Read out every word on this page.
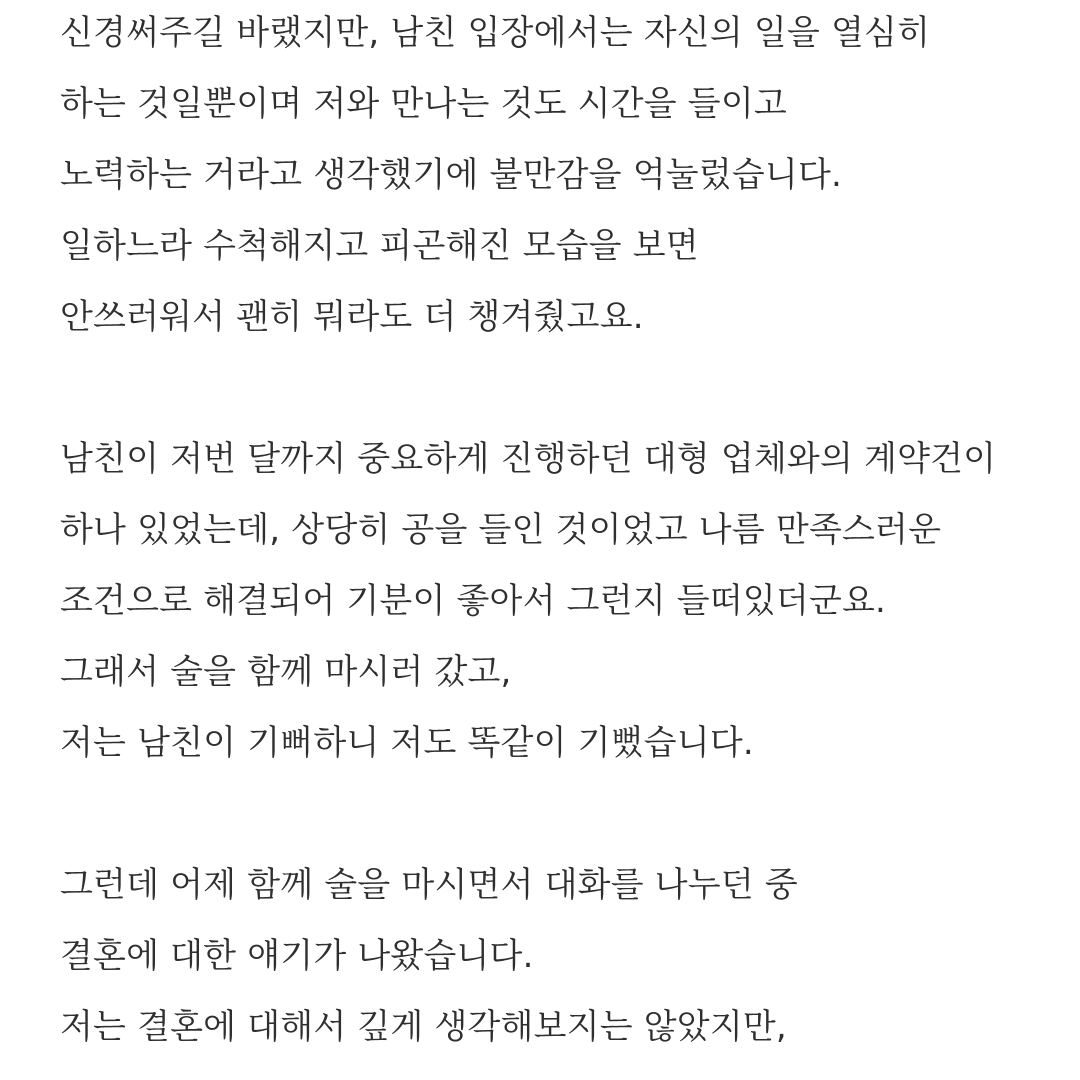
신경써주길 바랬지만, 남친 입장에서는 자신의 일을 열심히

하는 것일뿐이며 저와 만나는 것도 시간을 들이고

노력하는 거라고 생각했기에 불만감을 억눌렀습니다.

일하느라 수척해지고 피곤해진 모습을 보면

안쓰러워서 괜히 뭐라도 더 챙겨줬고요.

남친이 저번 달까지 중요하게 진행하던 대형 업체와의 계약건이

하나 있었는데, 상당히 공을 들인 것이었고 나름 만족스러운

조건으로 해결되어 기분이 좋아서 그런지 들떠있더군요.

그래서 술을 함께 마시러 갔고,

저는 남친이 기뻐하니 저도 똑같이 기뻤습니다.

그런데 어제 함께 술을 마시면서 대화를 나누던 중

결혼에 대한 얘기가 나왔습니다.

저는 결혼에 대해서 깊게 생각해보지는 않았지만,
